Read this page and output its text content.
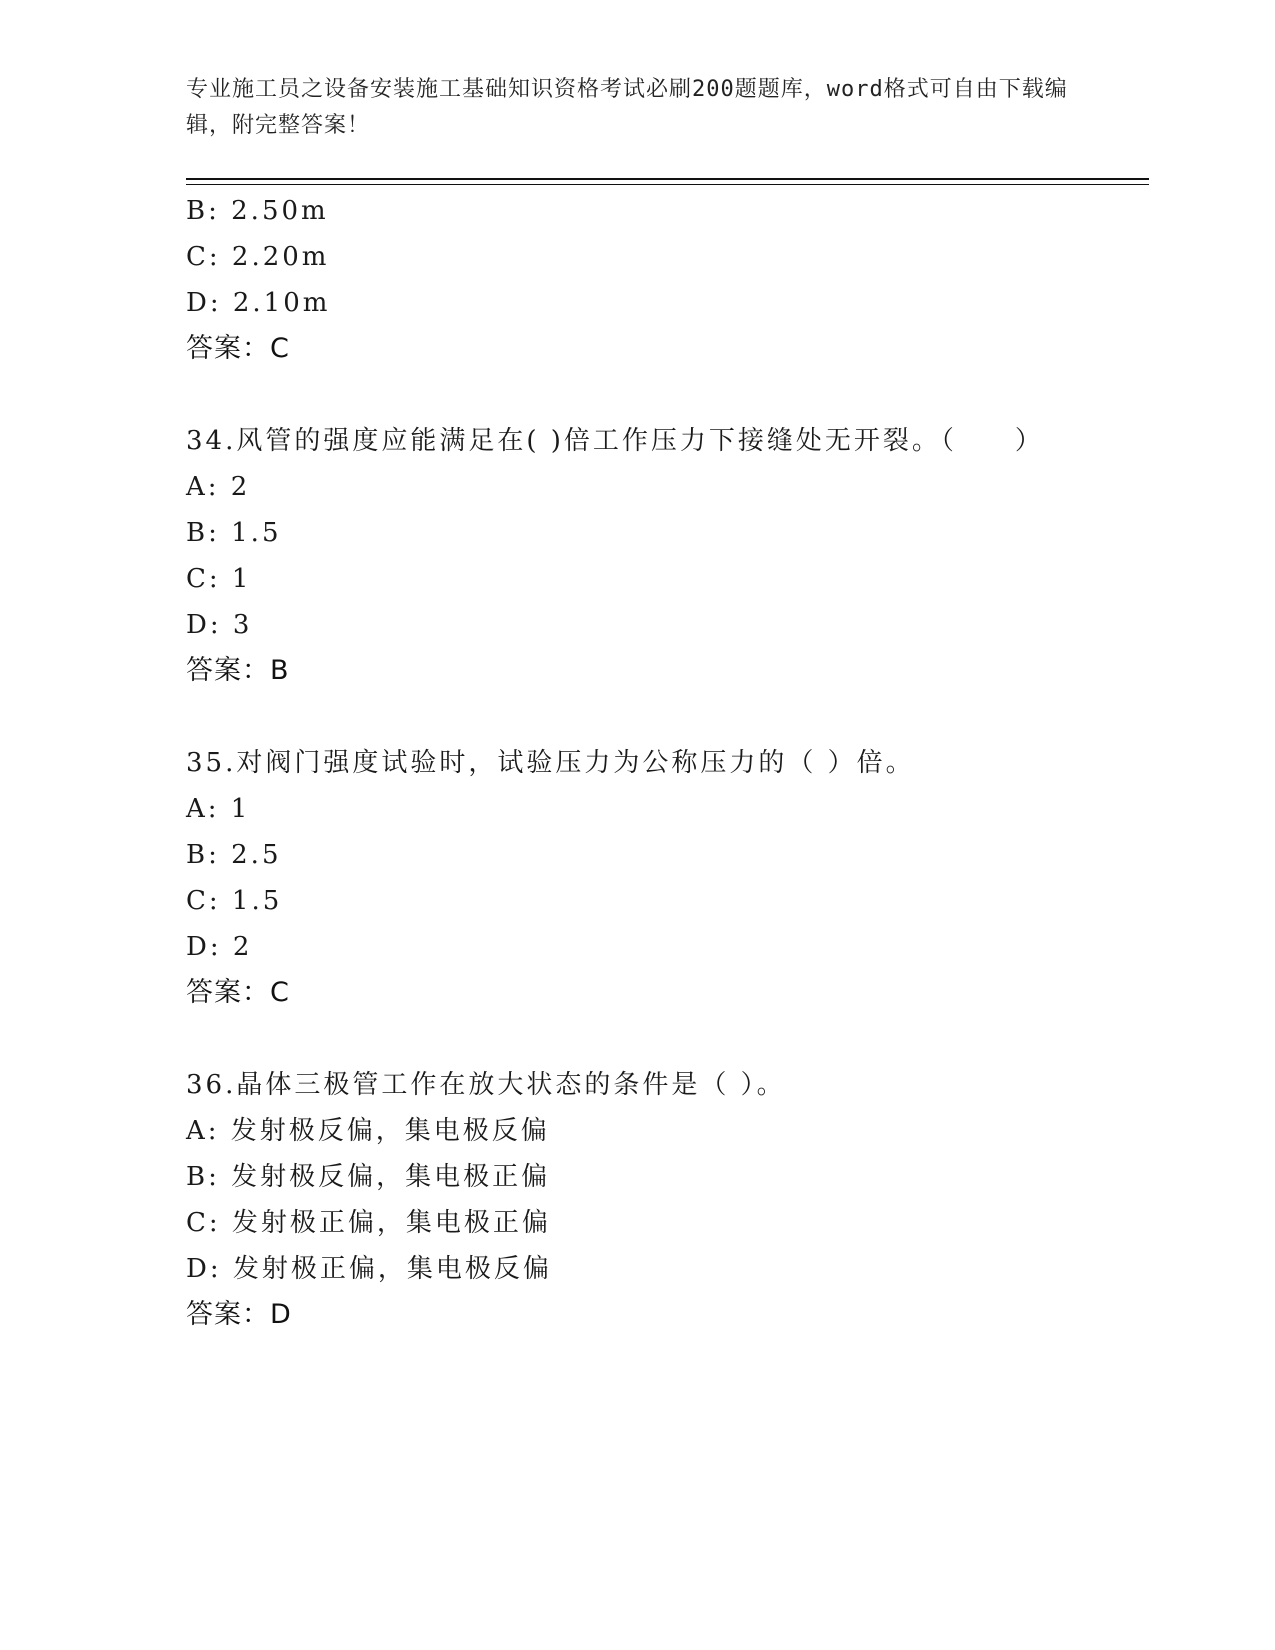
专业施工员之设备安装施工基础知识资格考试必刷200题题库，word格式可自由下载编辑，附完整答案！
B: 2.50m
C: 2.20m
D: 2.10m
答案：C
34.风管的强度应能满足在( )倍工作压力下接缝处无开裂。（　　）
A: 2
B: 1.5
C: 1
D: 3
答案：B
35.对阀门强度试验时，试验压力为公称压力的（ ）倍。
A: 1
B: 2.5
C: 1.5
D: 2
答案：C
36.晶体三极管工作在放大状态的条件是（ ）。
A: 发射极反偏，集电极反偏
B: 发射极反偏，集电极正偏
C: 发射极正偏，集电极正偏
D: 发射极正偏，集电极反偏
答案：D
